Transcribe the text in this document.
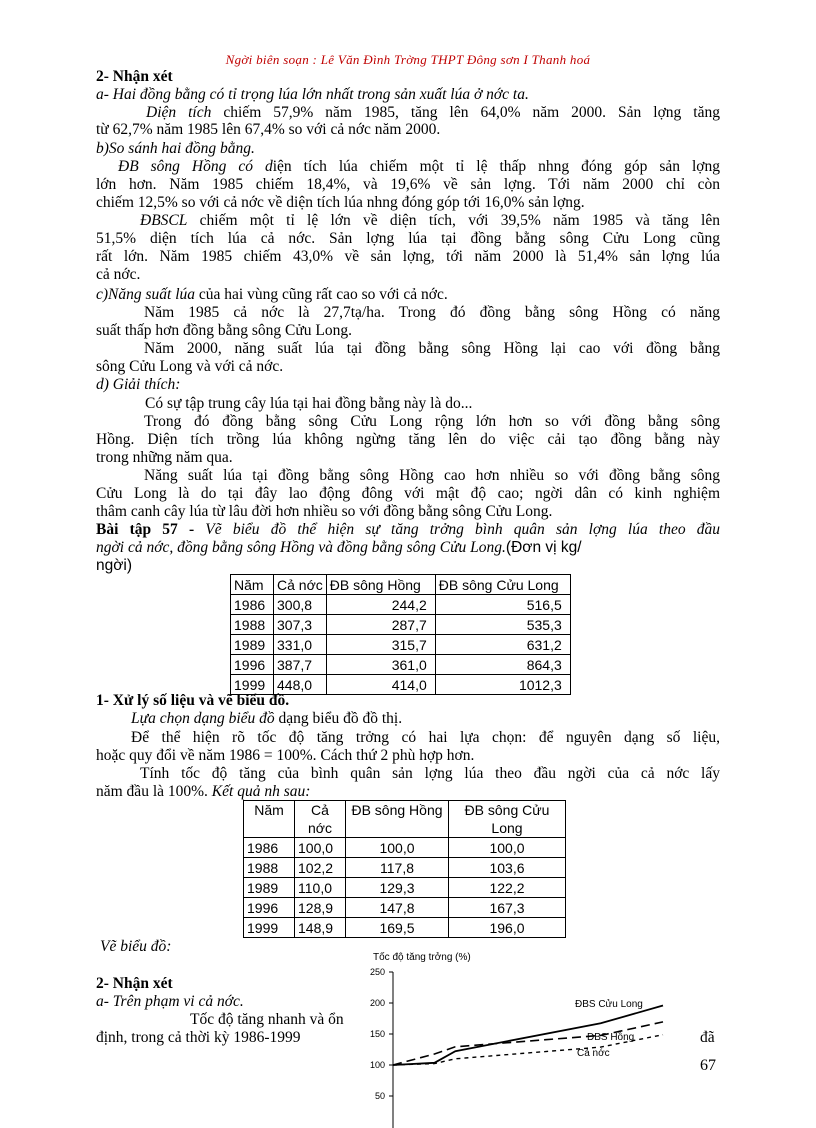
Ngời biên soạn : Lê Văn Đình Trờng THPT Đông sơn I Thanh hoá
2- Nhận xét
a- Hai đồng bằng có tỉ trọng lúa lớn nhất trong sản xuất lúa ở nớc ta.
Diện tích chiếm 57,9% năm 1985, tăng lên 64,0% năm 2000. Sản lợng tăng
từ 62,7% năm 1985 lên 67,4% so với cả nớc năm 2000.
b)So sánh hai đồng bằng.
ĐB sông Hồng có diện tích lúa chiếm một tỉ lệ thấp nhng đóng góp sản lợng
lớn hơn. Năm 1985 chiếm 18,4%, và 19,6% về sản lợng. Tới năm 2000 chỉ còn
chiếm 12,5% so với cả nớc về diện tích lúa nhng đóng góp tới 16,0% sản lợng.
ĐBSCL chiếm một tỉ lệ lớn về diện tích, với 39,5% năm 1985 và tăng lên
51,5% diện tích lúa cả nớc. Sản lợng lúa tại đồng bằng sông Cửu Long cũng
rất lớn. Năm 1985 chiếm 43,0% về sản lợng, tới năm 2000 là 51,4% sản lợng lúa
cả nớc.
c)Năng suất lúa của hai vùng cũng rất cao so với cả nớc.
Năm 1985 cả nớc là 27,7tạ/ha. Trong đó đồng bằng sông Hồng có năng
suất thấp hơn đồng bằng sông Cửu Long.
Năm 2000, năng suất lúa tại đồng bằng sông Hồng lại cao với đồng bằng
sông Cửu Long và với cả nớc.
d) Giải thích:
Có sự tập trung cây lúa tại hai đồng bằng này là do...
Trong đó đồng bằng sông Cửu Long rộng lớn hơn so với đồng bằng sông
Hồng. Diện tích trồng lúa không ngừng tăng lên do việc cải tạo đồng bằng này
trong những năm qua.
Năng suất lúa tại đồng bằng sông Hồng cao hơn nhiều so với đồng bằng sông
Cửu Long là do tại đây lao động đông với mật độ cao; ngời dân có kinh nghiệm
thâm canh cây lúa từ lâu đời hơn nhiều so với đồng bằng sông Cửu Long.
Bài tập 57 - Vẽ biểu đồ thể hiện sự tăng trởng bình quân sản lợng lúa theo đầu
ngời cả nớc, đồng bằng sông Hồng và đồng bằng sông Cửu Long.(Đơn vị kg/
ngời)
Năm	Cả nớc	ĐB sông Hồng	ĐB sông Cửu Long
1986	300,8	244,2	516,5
1988	307,3	287,7	535,3
1989	331,0	315,7	631,2
1996	387,7	361,0	864,3
1999	448,0	414,0	1012,3
1- Xử lý số liệu và vẽ biểu đồ.
Lựa chọn dạng biểu đồ dạng biểu đồ đồ thị.
Để thể hiện rõ tốc độ tăng trởng có hai lựa chọn: để nguyên dạng số liệu,
hoặc quy đổi về năm 1986 = 100%. Cách thứ 2 phù hợp hơn.
Tính tốc độ tăng của bình quân sản lợng lúa theo đầu ngời của cả nớc lấy
năm đầu là 100%. Kết quả nh sau:
Năm	Cả nớc	ĐB sông Hồng	ĐB sông Cửu Long
1986	100,0	100,0	100,0
1988	102,2	117,8	103,6
1989	110,0	129,3	122,2
1996	128,9	147,8	167,3
1999	148,9	169,5	196,0
Vẽ biểu đồ:
2- Nhận xét
a- Trên phạm vi cả nớc.
Tốc độ tăng nhanh và ổn
định, trong cả thời kỳ 1986-1999	đã
Tốc độ tăng trởng (%)
250
200
150
100
50
ĐBS Cửu Long
ĐBS Hồng
Cả nớc
67
